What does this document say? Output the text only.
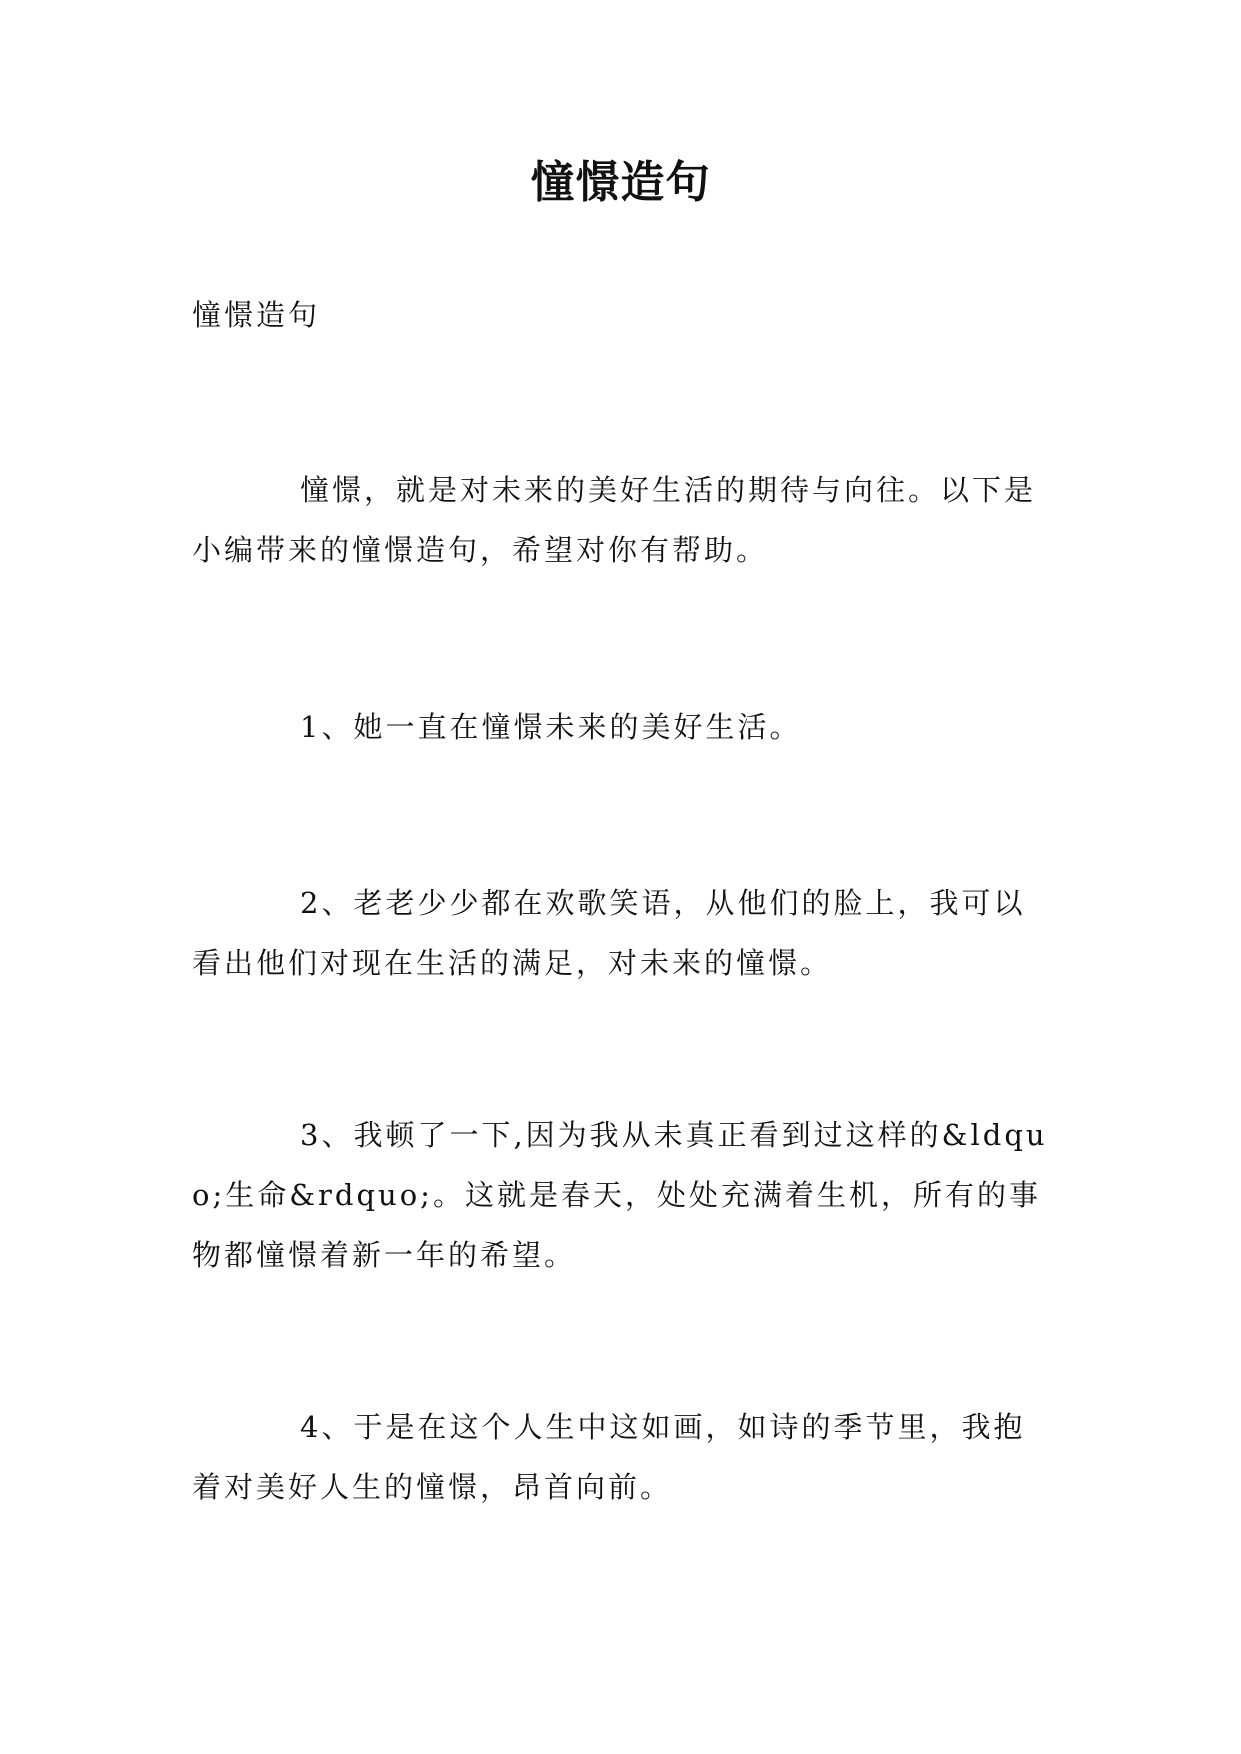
憧憬造句

憧憬造句

憧憬，就是对未来的美好生活的期待与向往。以下是小编带来的憧憬造句，希望对你有帮助。

1、她一直在憧憬未来的美好生活。

2、老老少少都在欢歌笑语，从他们的脸上，我可以看出他们对现在生活的满足，对未来的憧憬。

3、我顿了一下,因为我从未真正看到过这样的&ldquo;生命&rdquo;。这就是春天，处处充满着生机，所有的事物都憧憬着新一年的希望。

4、于是在这个人生中这如画，如诗的季节里，我抱着对美好人生的憧憬，昂首向前。
